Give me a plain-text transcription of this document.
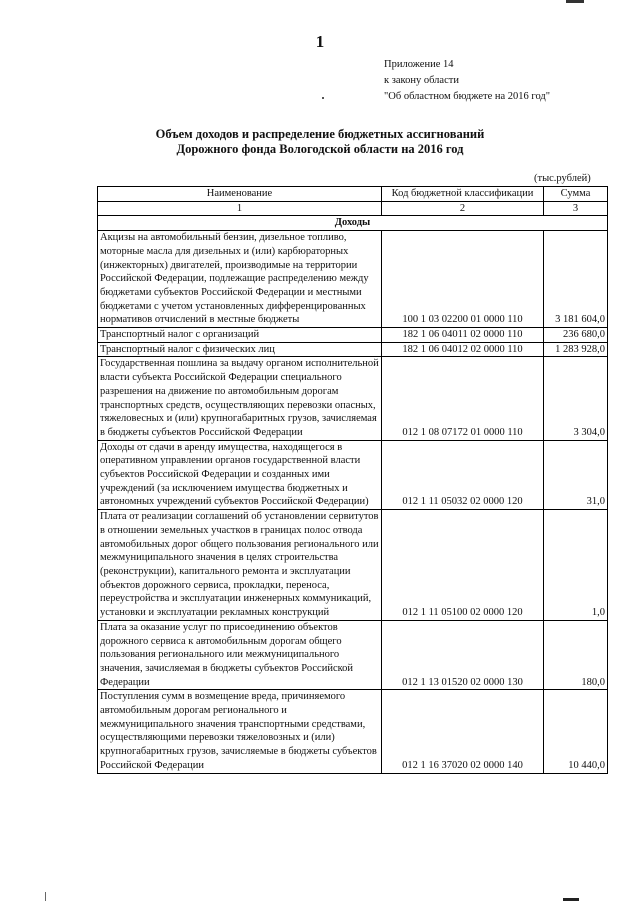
1
Приложение 14
к закону области
"Об областном бюджете на 2016 год"
Объем доходов и распределение бюджетных ассигнований
Дорожного фонда Вологодской области на 2016 год
(тыс.рублей)
Наименование	Код бюджетной классификации	Сумма
1	2	3
Доходы		
Акцизы на автомобильный бензин, дизельное топливо, моторные масла для дизельных и (или) карбюраторных (инжекторных) двигателей, производимые на территории Российской Федерации, подлежащие распределению между бюджетами субъектов Российской Федерации и местными бюджетами с учетом установленных дифференцированных нормативов отчислений в местные бюджеты	100 1 03 02200 01 0000 110	3 181 604,0
Транспортный налог с организаций	182 1 06 04011 02 0000 110	236 680,0
Транспортный налог с физических лиц	182 1 06 04012 02 0000 110	1 283 928,0
Государственная пошлина за выдачу органом исполнительной власти субъекта Российской Федерации специального разрешения на движение по автомобильным дорогам транспортных средств, осуществляющих перевозки опасных, тяжеловесных и (или) крупногабаритных грузов, зачисляемая в бюджеты субъектов Российской Федерации	012 1 08 07172 01 0000 110	3 304,0
Доходы от сдачи в аренду имущества, находящегося в оперативном управлении органов государственной власти субъектов Российской Федерации и созданных ими учреждений (за исключением имущества бюджетных и автономных учреждений субъектов Российской Федерации)	012 1 11 05032 02 0000 120	31,0
Плата от реализации соглашений об установлении сервитутов в отношении земельных участков в границах полос отвода автомобильных дорог общего пользования регионального или межмуниципального значения в целях строительства (реконструкции), капитального ремонта и эксплуатации объектов дорожного сервиса, прокладки, переноса, переустройства и эксплуатации инженерных коммуникаций, установки и эксплуатации рекламных конструкций	012 1 11 05100 02 0000 120	1,0
Плата за оказание услуг по присоединению объектов дорожного сервиса к автомобильным дорогам общего пользования регионального или межмуниципального значения, зачисляемая в бюджеты субъектов Российской Федерации	012 1 13 01520 02 0000 130	180,0
Поступления сумм в возмещение вреда, причиняемого автомобильным дорогам регионального и межмуниципального значения транспортными средствами, осуществляющими перевозки тяжеловозных и (или) крупногабаритных грузов, зачисляемые в бюджеты субъектов Российской Федерации	012 1 16 37020 02 0000 140	10 440,0
